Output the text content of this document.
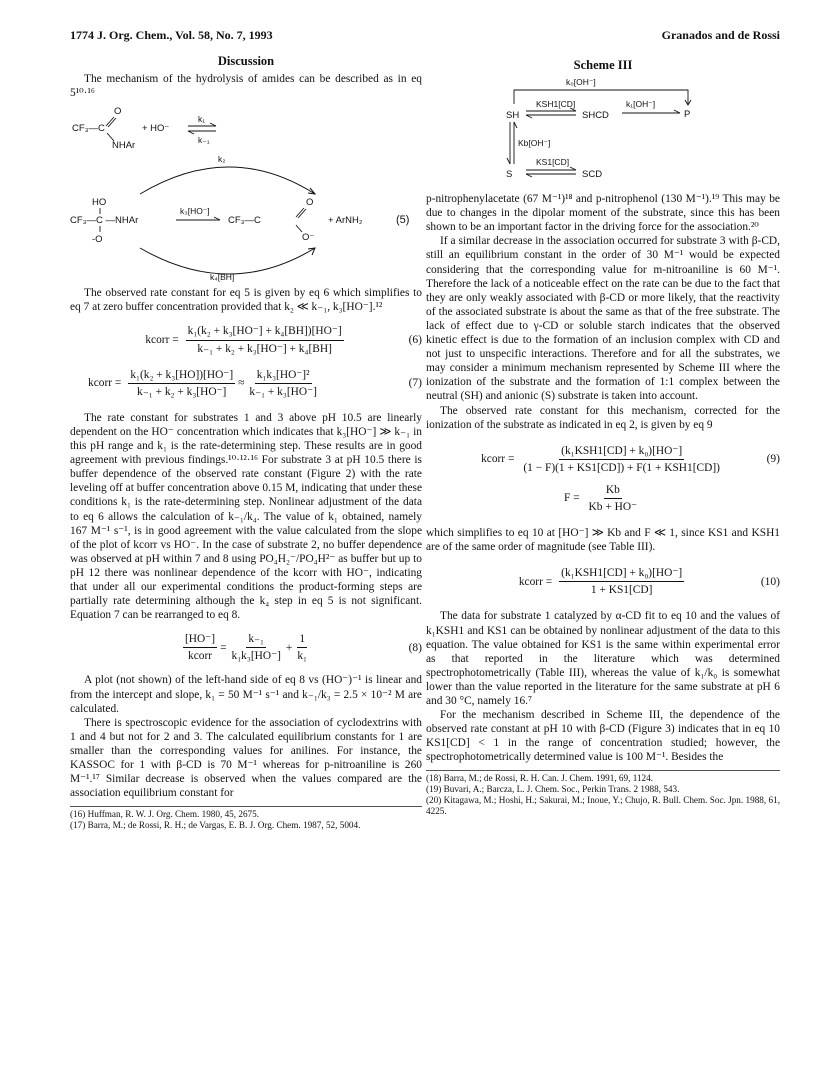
1774 J. Org. Chem., Vol. 58, No. 7, 1993	Granados and de Rossi
Discussion

The mechanism of the hydrolysis of amides can be described as in eq 5¹⁰·¹⁶

O
CF₃—C
NHAr
+ HO⁻
k₁
k₋₁
k₂
HO
CF₃—C —NHAr
-O
k₃[HO⁻]
O
CF₃—C
O⁻
+ ArNH₂	(5)
k₄[BH]

The observed rate constant for eq 5 is given by eq 6 which simplifies to eq 7 at zero buffer concentration provided that k₂ ≪ k₋₁, k₃[HO⁻].¹²

kcorr = $\frac{\text{k₁(k₂ + k₃[HO⁻] + k₄[BH])[HO⁻]}}{\text{k₋₁ + k₂ + k₃[HO⁻] + k₄[BH]}}$	(6)
kcorr = $\frac{\text{k₁(k₂ + k₃[HO])[HO⁻]}}{\text{k₋₁ + k₂ + k₃[HO⁻]}} \approx \frac{\text{k₁k₃[HO⁻]²}}{\text{k₋₁ + k₃[HO⁻]}}$	(7)

The rate constant for substrates 1 and 3 above pH 10.5 are linearly dependent on the HO⁻ concentration which indicates that k₃[HO⁻] ≫ k₋₁ in this pH range and k₁ is the rate-determining step. These results are in good agreement with previous findings.¹⁰·¹²·¹⁶ For substrate 3 at pH 10.5 there is buffer dependence of the observed rate constant (Figure 2) with the rate leveling off at buffer concentration above 0.15 M, indicating that under these conditions k₁ is the rate-determining step. Nonlinear adjustment of the data to eq 6 allows the calculation of k₋₁/k₄. The value of k₁ obtained, namely 167 M⁻¹ s⁻¹, is in good agreement with the value calculated from the slope of the plot of kcorr vs HO⁻. In the case of substrate 2, no buffer dependence was observed at pH within 7 and 8 using PO₄H₂⁻/PO₄H²⁻ as buffer but up to pH 12 there was nonlinear dependence of the kcorr with HO⁻, indicating that under all our experimental conditions the product-forming steps are partially rate determining although the k₄ step in eq 5 is not significant. Equation 7 can be rearranged to eq 8.

$\frac{[HO^-]}{\text{kcorr}} = \frac{\text{k₋₁}}{\text{k₁k₃[HO⁻]}} + \frac{1}{\text{k₁}}$	(8)

A plot (not shown) of the left-hand side of eq 8 vs (HO⁻)⁻¹ is linear and from the intercept and slope, k₁ = 50 M⁻¹ s⁻¹ and k₋₁/k₃ = 2.5 × 10⁻² M are calculated.

There is spectroscopic evidence for the association of cyclodextrins with 1 and 4 but not for 2 and 3. The calculated equilibrium constants for 1 are smaller than the corresponding values for anilines. For instance, the KASSOC for 1 with β-CD is 70 M⁻¹ whereas for p-nitroaniline is 260 M⁻¹.¹⁷ Similar decrease is observed when the values compared are the association equilibrium constant for

(16) Huffman, R. W. J. Org. Chem. 1980, 45, 2675.
(17) Barra, M.; de Rossi, R. H.; de Vargas, E. B. J. Org. Chem. 1987, 52, 5004.
Scheme III
k₀[OH⁻]
SH
KSH1[CD]
SHCD
k₁[OH⁻]
P
Kb[OH⁻]
S
KS1[CD]
SCD

p-nitrophenylacetate (67 M⁻¹)¹⁸ and p-nitrophenol (130 M⁻¹).¹⁹ This may be due to changes in the dipolar moment of the substrate, since this has been shown to be an important factor in the driving force for the association.²⁰

If a similar decrease in the association occurred for substrate 3 with β-CD, still an equilibrium constant in the order of 30 M⁻¹ would be expected considering that the corresponding value for m-nitroaniline is 60 M⁻¹. Therefore the lack of a noticeable effect on the rate can be due to the fact that they are only weakly associated with β-CD or more likely, that the reactivity of the associated substrate is about the same as that of the free substrate. The lack of effect due to γ-CD or soluble starch indicates that the observed kinetic effect is due to the formation of an inclusion complex with CD and not just to unspecific interactions. Therefore and for all the substrates, we may consider a minimum mechanism represented by Scheme III where the ionization of the substrate and the formation of 1:1 complex between the neutral (SH) and anionic (S) substrate is taken into account.

The observed rate constant for this mechanism, corrected for the ionization of the substrate as indicated in eq 2, is given by eq 9

kcorr = $\frac{\text{(k₁KSH1[CD] + k₀)[HO⁻]}}{\text{(1 − F)(1 + KS1[CD]) + F(1 + KSH1[CD])}}$	(9)
$F = \frac{Kb}{Kb + HO^-}$

which simplifies to eq 10 at [HO⁻] ≫ Kb and F ≪ 1, since KS1 and KSH1 are of the same order of magnitude (see Table III).

kcorr = $\frac{\text{(k₁KSH1[CD] + k₀)[HO⁻]}}{1 + KS1[CD]}$	(10)

The data for substrate 1 catalyzed by α-CD fit to eq 10 and the values of k₁KSH1 and KS1 can be obtained by nonlinear adjustment of the data to this equation. The value obtained for KS1 is the same within experimental error as that reported in the literature which was determined spectrophotometrically (Table III), whereas the value of k₁/k₀ is somewhat lower than the value reported in the literature for the same substrate at pH 6 and 30 °C, namely 16.⁷

For the mechanism described in Scheme III, the dependence of the observed rate constant at pH 10 with β-CD (Figure 3) indicates that in eq 10 KS1[CD] < 1 in the range of concentration studied; however, the spectrophotometrically determined value is 100 M⁻¹. Besides the

(18) Barra, M.; de Rossi, R. H. Can. J. Chem. 1991, 69, 1124.
(19) Buvari, A.; Barcza, L. J. Chem. Soc., Perkin Trans. 2 1988, 543.
(20) Kitagawa, M.; Hoshi, H.; Sakurai, M.; Inoue, Y.; Chujo, R. Bull. Chem. Soc. Jpn. 1988, 61, 4225.
